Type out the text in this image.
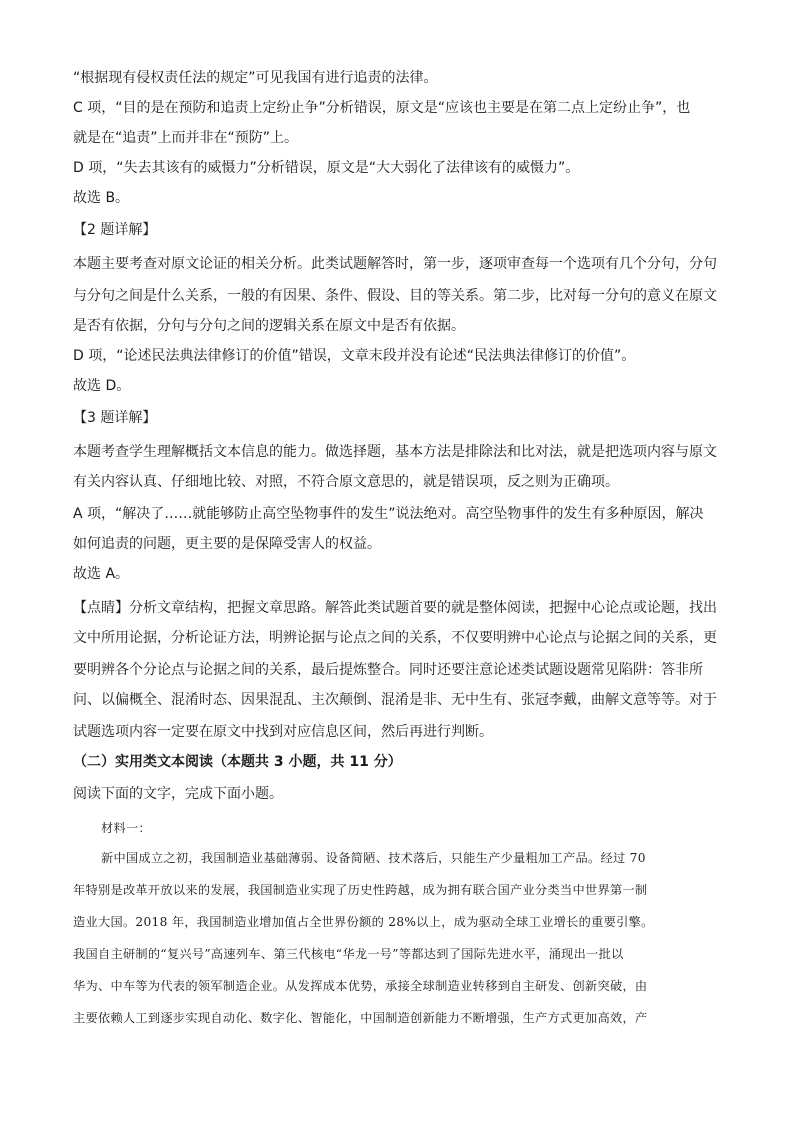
“根据现有侵权责任法的规定”可见我国有进行追责的法律。
C 项，“目的是在预防和追责上定纷止争”分析错误，原文是“应该也主要是在第二点上定纷止争”，也
就是在“追责”上而并非在“预防”上。
D 项，“失去其该有的威慑力”分析错误，原文是“大大弱化了法律该有的威慑力”。
故选 B。
【2 题详解】
本题主要考查对原文论证的相关分析。此类试题解答时，第一步，逐项审查每一个选项有几个分句，分句
与分句之间是什么关系，一般的有因果、条件、假设、目的等关系。第二步，比对每一分句的意义在原文
是否有依据，分句与分句之间的逻辑关系在原文中是否有依据。
D 项，“论述民法典法律修订的价值”错误，文章末段并没有论述“民法典法律修订的价值”。
故选 D。
【3 题详解】
本题考查学生理解概括文本信息的能力。做选择题，基本方法是排除法和比对法，就是把选项内容与原文
有关内容认真、仔细地比较、对照，不符合原文意思的，就是错误项，反之则为正确项。
A 项，“解决了……就能够防止高空坠物事件的发生”说法绝对。高空坠物事件的发生有多种原因，解决
如何追责的问题，更主要的是保障受害人的权益。
故选 A。
【点睛】分析文章结构，把握文章思路。解答此类试题首要的就是整体阅读，把握中心论点或论题，找出
文中所用论据，分析论证方法，明辨论据与论点之间的关系，不仅要明辨中心论点与论据之间的关系，更
要明辨各个分论点与论据之间的关系，最后提炼整合。同时还要注意论述类试题设题常见陷阱：答非所
问、以偏概全、混淆时态、因果混乱、主次颠倒、混淆是非、无中生有、张冠李戴，曲解文意等等。对于
试题选项内容一定要在原文中找到对应信息区间，然后再进行判断。
（二）实用类文本阅读（本题共 3 小题，共 11 分）
阅读下面的文字，完成下面小题。
材料一：
新中国成立之初，我国制造业基础薄弱、设备简陋、技术落后，只能生产少量粗加工产品。经过 70
年特别是改革开放以来的发展，我国制造业实现了历史性跨越，成为拥有联合国产业分类当中世界第一制
造业大国。2018 年，我国制造业增加值占全世界份额的 28%以上，成为驱动全球工业增长的重要引擎。
我国自主研制的“复兴号”高速列车、第三代核电“华龙一号”等都达到了国际先进水平，涌现出一批以
华为、中车等为代表的领军制造企业。从发挥成本优势，承接全球制造业转移到自主研发、创新突破，由
主要依赖人工到逐步实现自动化、数字化、智能化，中国制造创新能力不断增强，生产方式更加高效，产
